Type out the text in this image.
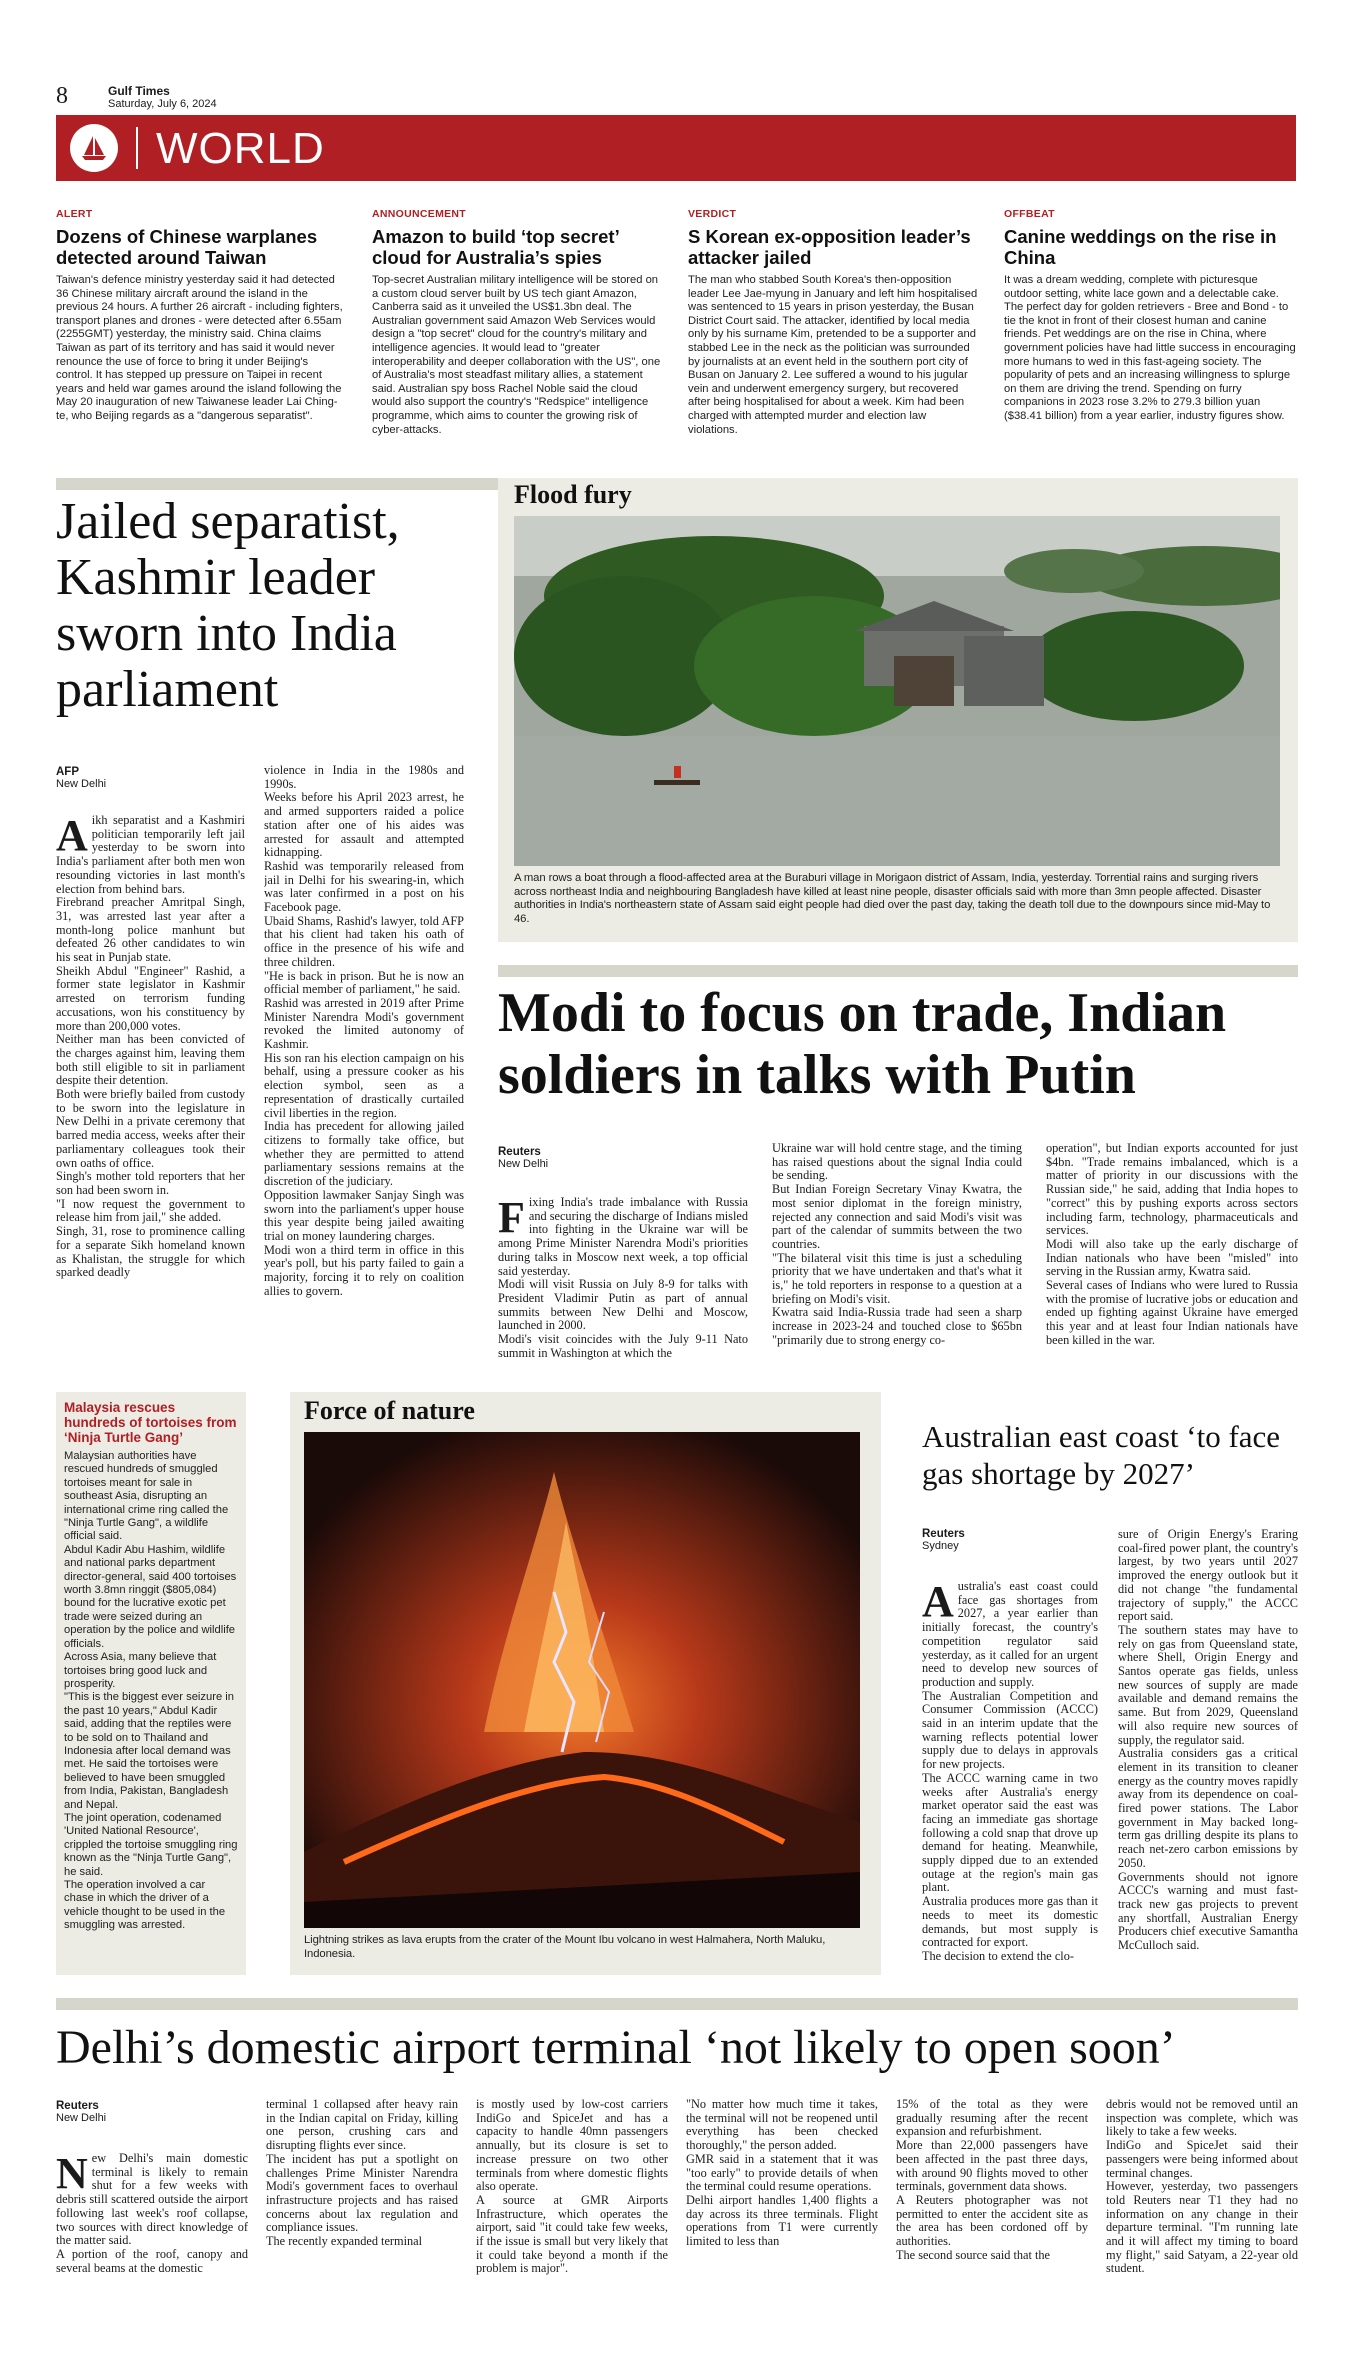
8	Gulf Times
Saturday, July 6, 2024
WORLD
ALERT
Dozens of Chinese warplanes detected around Taiwan
Taiwan's defence ministry yesterday said it had detected 36 Chinese military aircraft around the island in the previous 24 hours. A further 26 aircraft - including fighters, transport planes and drones - were detected after 6.55am (2255GMT) yesterday, the ministry said. China claims Taiwan as part of its territory and has said it would never renounce the use of force to bring it under Beijing's control. It has stepped up pressure on Taipei in recent years and held war games around the island following the May 20 inauguration of new Taiwanese leader Lai Ching-te, who Beijing regards as a "dangerous separatist".
ANNOUNCEMENT
Amazon to build ‘top secret’ cloud for Australia’s spies
Top-secret Australian military intelligence will be stored on a custom cloud server built by US tech giant Amazon, Canberra said as it unveiled the US$1.3bn deal. The Australian government said Amazon Web Services would design a "top secret" cloud for the country's military and intelligence agencies. It would lead to "greater interoperability and deeper collaboration with the US", one of Australia's most steadfast military allies, a statement said. Australian spy boss Rachel Noble said the cloud would also support the country's "Redspice" intelligence programme, which aims to counter the growing risk of cyber-attacks.
VERDICT
S Korean ex-opposition leader’s attacker jailed
The man who stabbed South Korea's then-opposition leader Lee Jae-myung in January and left him hospitalised was sentenced to 15 years in prison yesterday, the Busan District Court said. The attacker, identified by local media only by his surname Kim, pretended to be a supporter and stabbed Lee in the neck as the politician was surrounded by journalists at an event held in the southern port city of Busan on January 2. Lee suffered a wound to his jugular vein and underwent emergency surgery, but recovered after being hospitalised for about a week. Kim had been charged with attempted murder and election law violations.
OFFBEAT
Canine weddings on the rise in China
It was a dream wedding, complete with picturesque outdoor setting, white lace gown and a delectable cake. The perfect day for golden retrievers - Bree and Bond - to tie the knot in front of their closest human and canine friends. Pet weddings are on the rise in China, where government policies have had little success in encouraging more humans to wed in this fast-ageing society. The popularity of pets and an increasing willingness to splurge on them are driving the trend. Spending on furry companions in 2023 rose 3.2% to 279.3 billion yuan ($38.41 billion) from a year earlier, industry figures show.
Jailed separatist, Kashmir leader sworn into India parliament
AFP
New Delhi
Aikh separatist and a Kashmiri politician temporarily left jail yesterday to be sworn into India's parliament after both men won resounding victories in last month's election from behind bars.
Firebrand preacher Amritpal Singh, 31, was arrested last year after a month-long police manhunt but defeated 26 other candidates to win his seat in Punjab state.
Sheikh Abdul "Engineer" Rashid, a former state legislator in Kashmir arrested on terrorism funding accusations, won his constituency by more than 200,000 votes.
Neither man has been convicted of the charges against him, leaving them both still eligible to sit in parliament despite their detention.
Both were briefly bailed from custody to be sworn into the legislature in New Delhi in a private ceremony that barred media access, weeks after their parliamentary colleagues took their own oaths of office.
Singh's mother told reporters that her son had been sworn in.
"I now request the government to release him from jail," she added.
Singh, 31, rose to prominence calling for a separate Sikh homeland known as Khalistan, the struggle for which sparked deadly
violence in India in the 1980s and 1990s.
Weeks before his April 2023 arrest, he and armed supporters raided a police station after one of his aides was arrested for assault and attempted kidnapping.
Rashid was temporarily released from jail in Delhi for his swearing-in, which was later confirmed in a post on his Facebook page.
Ubaid Shams, Rashid's lawyer, told AFP that his client had taken his oath of office in the presence of his wife and three children.
"He is back in prison. But he is now an official member of parliament," he said.
Rashid was arrested in 2019 after Prime Minister Narendra Modi's government revoked the limited autonomy of Kashmir.
His son ran his election campaign on his behalf, using a pressure cooker as his election symbol, seen as a representation of drastically curtailed civil liberties in the region.
India has precedent for allowing jailed citizens to formally take office, but whether they are permitted to attend parliamentary sessions remains at the discretion of the judiciary.
Opposition lawmaker Sanjay Singh was sworn into the parliament's upper house this year despite being jailed awaiting trial on money laundering charges.
Modi won a third term in office in this year's poll, but his party failed to gain a majority, forcing it to rely on coalition allies to govern.
Flood fury
A man rows a boat through a flood-affected area at the Buraburi village in Morigaon district of Assam, India, yesterday. Torrential rains and surging rivers across northeast India and neighbouring Bangladesh have killed at least nine people, disaster officials said with more than 3mn people affected. Disaster authorities in India's northeastern state of Assam said eight people had died over the past day, taking the death toll due to the downpours since mid-May to 46.
Modi to focus on trade, Indian soldiers in talks with Putin
Reuters
New Delhi
Fixing India's trade imbalance with Russia and securing the discharge of Indians misled into fighting in the Ukraine war will be among Prime Minister Narendra Modi's priorities during talks in Moscow next week, a top official said yesterday.
Modi will visit Russia on July 8-9 for talks with President Vladimir Putin as part of annual summits between New Delhi and Moscow, launched in 2000.
Modi's visit coincides with the July 9-11 Nato summit in Washington at which the
Ukraine war will hold centre stage, and the timing has raised questions about the signal India could be sending.
But Indian Foreign Secretary Vinay Kwatra, the most senior diplomat in the foreign ministry, rejected any connection and said Modi's visit was part of the calendar of summits between the two countries.
"The bilateral visit this time is just a scheduling priority that we have undertaken and that's what it is," he told reporters in response to a question at a briefing on Modi's visit.
Kwatra said India-Russia trade had seen a sharp increase in 2023-24 and touched close to $65bn "primarily due to strong energy co-
operation", but Indian exports accounted for just $4bn. "Trade remains imbalanced, which is a matter of priority in our discussions with the Russian side," he said, adding that India hopes to "correct" this by pushing exports across sectors including farm, technology, pharmaceuticals and services.
Modi will also take up the early discharge of Indian nationals who have been "misled" into serving in the Russian army, Kwatra said.
Several cases of Indians who were lured to Russia with the promise of lucrative jobs or education and ended up fighting against Ukraine have emerged this year and at least four Indian nationals have been killed in the war.
Malaysia rescues hundreds of tortoises from ‘Ninja Turtle Gang’
Malaysian authorities have rescued hundreds of smuggled tortoises meant for sale in southeast Asia, disrupting an international crime ring called the "Ninja Turtle Gang", a wildlife official said.
Abdul Kadir Abu Hashim, wildlife and national parks department director-general, said 400 tortoises worth 3.8mn ringgit ($805,084) bound for the lucrative exotic pet trade were seized during an operation by the police and wildlife officials.
Across Asia, many believe that tortoises bring good luck and prosperity.
"This is the biggest ever seizure in the past 10 years," Abdul Kadir said, adding that the reptiles were to be sold on to Thailand and Indonesia after local demand was met. He said the tortoises were believed to have been smuggled from India, Pakistan, Bangladesh and Nepal.
The joint operation, codenamed 'United National Resource', crippled the tortoise smuggling ring known as the "Ninja Turtle Gang", he said.
The operation involved a car chase in which the driver of a vehicle thought to be used in the smuggling was arrested.
Force of nature
Lightning strikes as lava erupts from the crater of the Mount Ibu volcano in west Halmahera, North Maluku, Indonesia.
Australian east coast ‘to face gas shortage by 2027’
Reuters
Sydney
Australia's east coast could face gas shortages from 2027, a year earlier than initially forecast, the country's competition regulator said yesterday, as it called for an urgent need to develop new sources of production and supply.
The Australian Competition and Consumer Commission (ACCC) said in an interim update that the warning reflects potential lower supply due to delays in approvals for new projects.
The ACCC warning came in two weeks after Australia's energy market operator said the east was facing an immediate gas shortage following a cold snap that drove up demand for heating. Meanwhile, supply dipped due to an extended outage at the region's main gas plant.
Australia produces more gas than it needs to meet its domestic demands, but most supply is contracted for export.
The decision to extend the clo-
sure of Origin Energy's Eraring coal-fired power plant, the country's largest, by two years until 2027 improved the energy outlook but it did not change "the fundamental trajectory of supply," the ACCC report said.
The southern states may have to rely on gas from Queensland state, where Shell, Origin Energy and Santos operate gas fields, unless new sources of supply are made available and demand remains the same. But from 2029, Queensland will also require new sources of supply, the regulator said.
Australia considers gas a critical element in its transition to cleaner energy as the country moves rapidly away from its dependence on coal-fired power stations. The Labor government in May backed long-term gas drilling despite its plans to reach net-zero carbon emissions by 2050.
Governments should not ignore ACCC's warning and must fast-track new gas projects to prevent any shortfall, Australian Energy Producers chief executive Samantha McCulloch said.
Delhi’s domestic airport terminal ‘not likely to open soon’
Reuters
New Delhi
New Delhi's main domestic terminal is likely to remain shut for a few weeks with debris still scattered outside the airport following last week's roof collapse, two sources with direct knowledge of the matter said.
A portion of the roof, canopy and several beams at the domestic
terminal 1 collapsed after heavy rain in the Indian capital on Friday, killing one person, crushing cars and disrupting flights ever since.
The incident has put a spotlight on challenges Prime Minister Narendra Modi's government faces to overhaul infrastructure projects and has raised concerns about lax regulation and compliance issues.
The recently expanded terminal
is mostly used by low-cost carriers IndiGo and SpiceJet and has a capacity to handle 40mn passengers annually, but its closure is set to increase pressure on two other terminals from where domestic flights also operate.
A source at GMR Airports Infrastructure, which operates the airport, said "it could take few weeks, if the issue is small but very likely that it could take beyond a month if the problem is major".
"No matter how much time it takes, the terminal will not be reopened until everything has been checked thoroughly," the person added.
GMR said in a statement that it was "too early" to provide details of when the terminal could resume operations.
Delhi airport handles 1,400 flights a day across its three terminals. Flight operations from T1 were currently limited to less than
15% of the total as they were gradually resuming after the recent expansion and refurbishment.
More than 22,000 passengers have been affected in the past three days, with around 90 flights moved to other terminals, government data shows.
A Reuters photographer was not permitted to enter the accident site as the area has been cordoned off by authorities.
The second source said that the
debris would not be removed until an inspection was complete, which was likely to take a few weeks.
IndiGo and SpiceJet said their passengers were being informed about terminal changes.
However, yesterday, two passengers told Reuters near T1 they had no information on any change in their departure terminal. "I'm running late and it will affect my timing to board my flight," said Satyam, a 22-year old student.
